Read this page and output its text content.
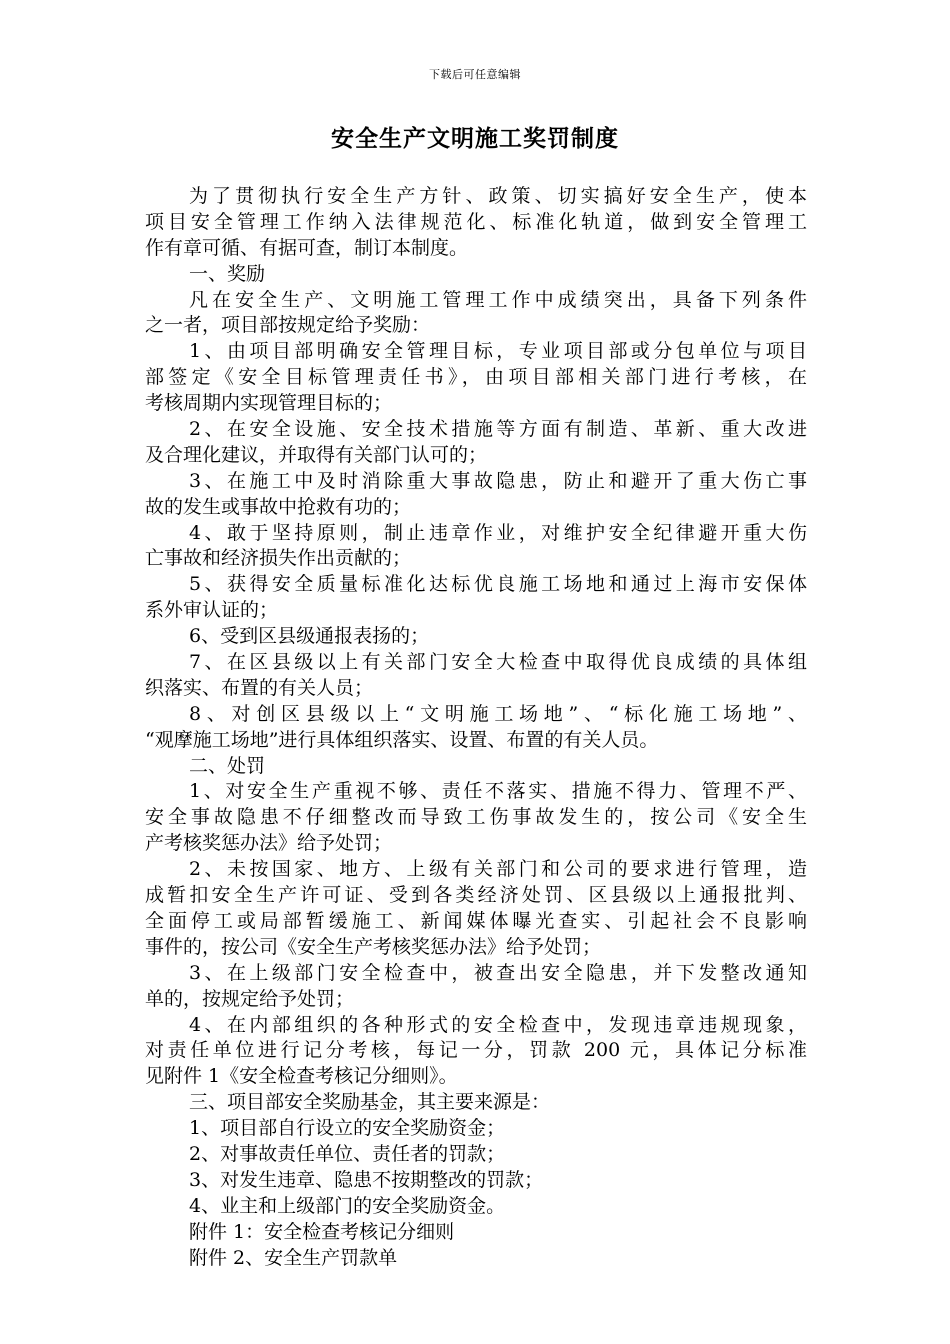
下载后可任意编辑
安全生产文明施工奖罚制度
为了贯彻执行安全生产方针、政策、切实搞好安全生产，使本
项目安全管理工作纳入法律规范化、标准化轨道，做到安全管理工
作有章可循、有据可查，制订本制度。
一、奖励
凡在安全生产、文明施工管理工作中成绩突出，具备下列条件
之一者，项目部按规定给予奖励：
1、由项目部明确安全管理目标，专业项目部或分包单位与项目
部签定《安全目标管理责任书》，由项目部相关部门进行考核，在
考核周期内实现管理目标的；
2、在安全设施、安全技术措施等方面有制造、革新、重大改进
及合理化建议，并取得有关部门认可的；
3、在施工中及时消除重大事故隐患，防止和避开了重大伤亡事
故的发生或事故中抢救有功的；
4、敢于坚持原则，制止违章作业，对维护安全纪律避开重大伤
亡事故和经济损失作出贡献的；
5、获得安全质量标准化达标优良施工场地和通过上海市安保体
系外审认证的；
6、受到区县级通报表扬的；
7、在区县级以上有关部门安全大检查中取得优良成绩的具体组
织落实、布置的有关人员；
8、对创区县级以上“文明施工场地”、“标化施工场地”、
“观摩施工场地”进行具体组织落实、设置、布置的有关人员。
二、处罚
1、对安全生产重视不够、责任不落实、措施不得力、管理不严、
安全事故隐患不仔细整改而导致工伤事故发生的，按公司《安全生
产考核奖惩办法》给予处罚；
2、未按国家、地方、上级有关部门和公司的要求进行管理，造
成暂扣安全生产许可证、受到各类经济处罚、区县级以上通报批判、
全面停工或局部暂缓施工、新闻媒体曝光查实、引起社会不良影响
事件的，按公司《安全生产考核奖惩办法》给予处罚；
3、在上级部门安全检查中，被查出安全隐患，并下发整改通知
单的，按规定给予处罚；
4、在内部组织的各种形式的安全检查中，发现违章违规现象，
对责任单位进行记分考核，每记一分，罚款 200 元，具体记分标准
见附件 1《安全检查考核记分细则》。
三、项目部安全奖励基金，其主要来源是：
1、项目部自行设立的安全奖励资金；
2、对事故责任单位、责任者的罚款；
3、对发生违章、隐患不按期整改的罚款；
4、业主和上级部门的安全奖励资金。
附件 1：安全检查考核记分细则
附件 2、安全生产罚款单
